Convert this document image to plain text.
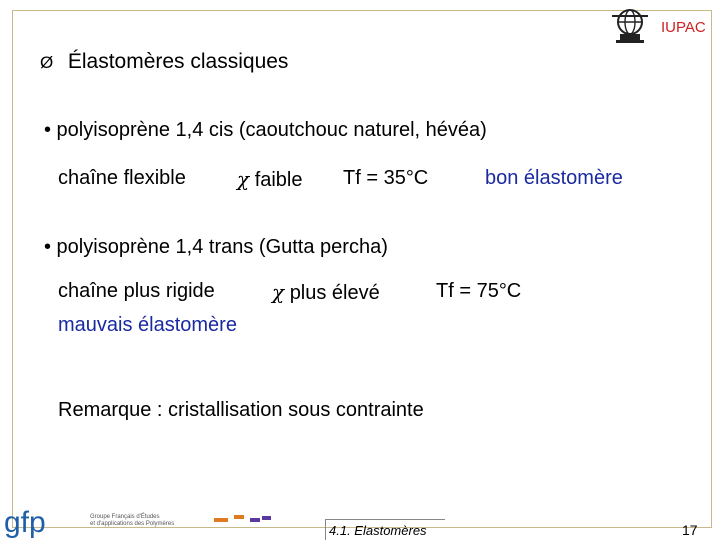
IUPAC
Ø Élastomères classiques
• polyisoprène 1,4 cis (caoutchouc naturel, hévéa)
chaîne flexible	χ faible Tf = 35°C	bon élastomère
• polyisoprène 1,4 trans (Gutta percha)
chaîne plus rigide	χ plus élevé	Tf = 75°C
mauvais élastomère
Remarque : cristallisation sous contrainte
gfp	Groupe Français d'Études
et d'applications des Polymères	4.1. Elastomères	17
